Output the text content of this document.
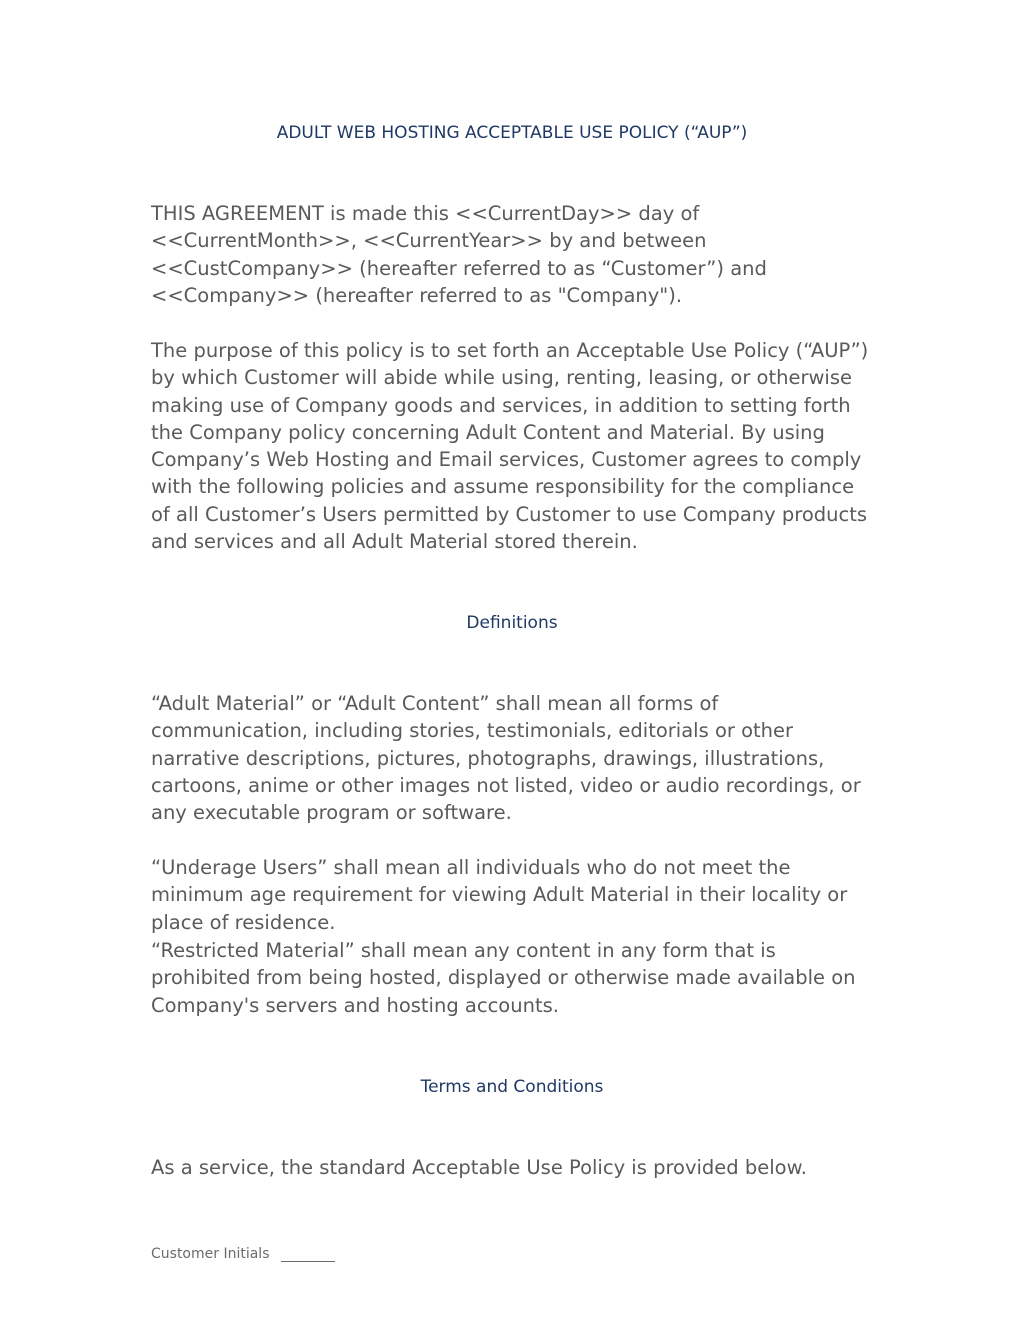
ADULT WEB HOSTING ACCEPTABLE USE POLICY (“AUP”)

THIS AGREEMENT is made this <<CurrentDay>> day of <<CurrentMonth>>, <<CurrentYear>> by and between <<CustCompany>> (hereafter referred to as “Customer”) and <<Company>> (hereafter referred to as "Company").

The purpose of this policy is to set forth an Acceptable Use Policy (“AUP”) by which Customer will abide while using, renting, leasing, or otherwise making use of Company goods and services, in addition to setting forth the Company policy concerning Adult Content and Material. By using Company’s Web Hosting and Email services, Customer agrees to comply with the following policies and assume responsibility for the compliance of all Customer’s Users permitted by Customer to use Company products and services and all Adult Material stored therein.

Definitions

“Adult Material” or “Adult Content” shall mean all forms of communication, including stories, testimonials, editorials or other narrative descriptions, pictures, photographs, drawings, illustrations, cartoons, anime or other images not listed, video or audio recordings, or any executable program or software.

“Underage Users” shall mean all individuals who do not meet the minimum age requirement for viewing Adult Material in their locality or place of residence.

“Restricted Material” shall mean any content in any form that is prohibited from being hosted, displayed or otherwise made available on Company's servers and hosting accounts.

Terms and Conditions

As a service, the standard Acceptable Use Policy is provided below.

Customer Initials
